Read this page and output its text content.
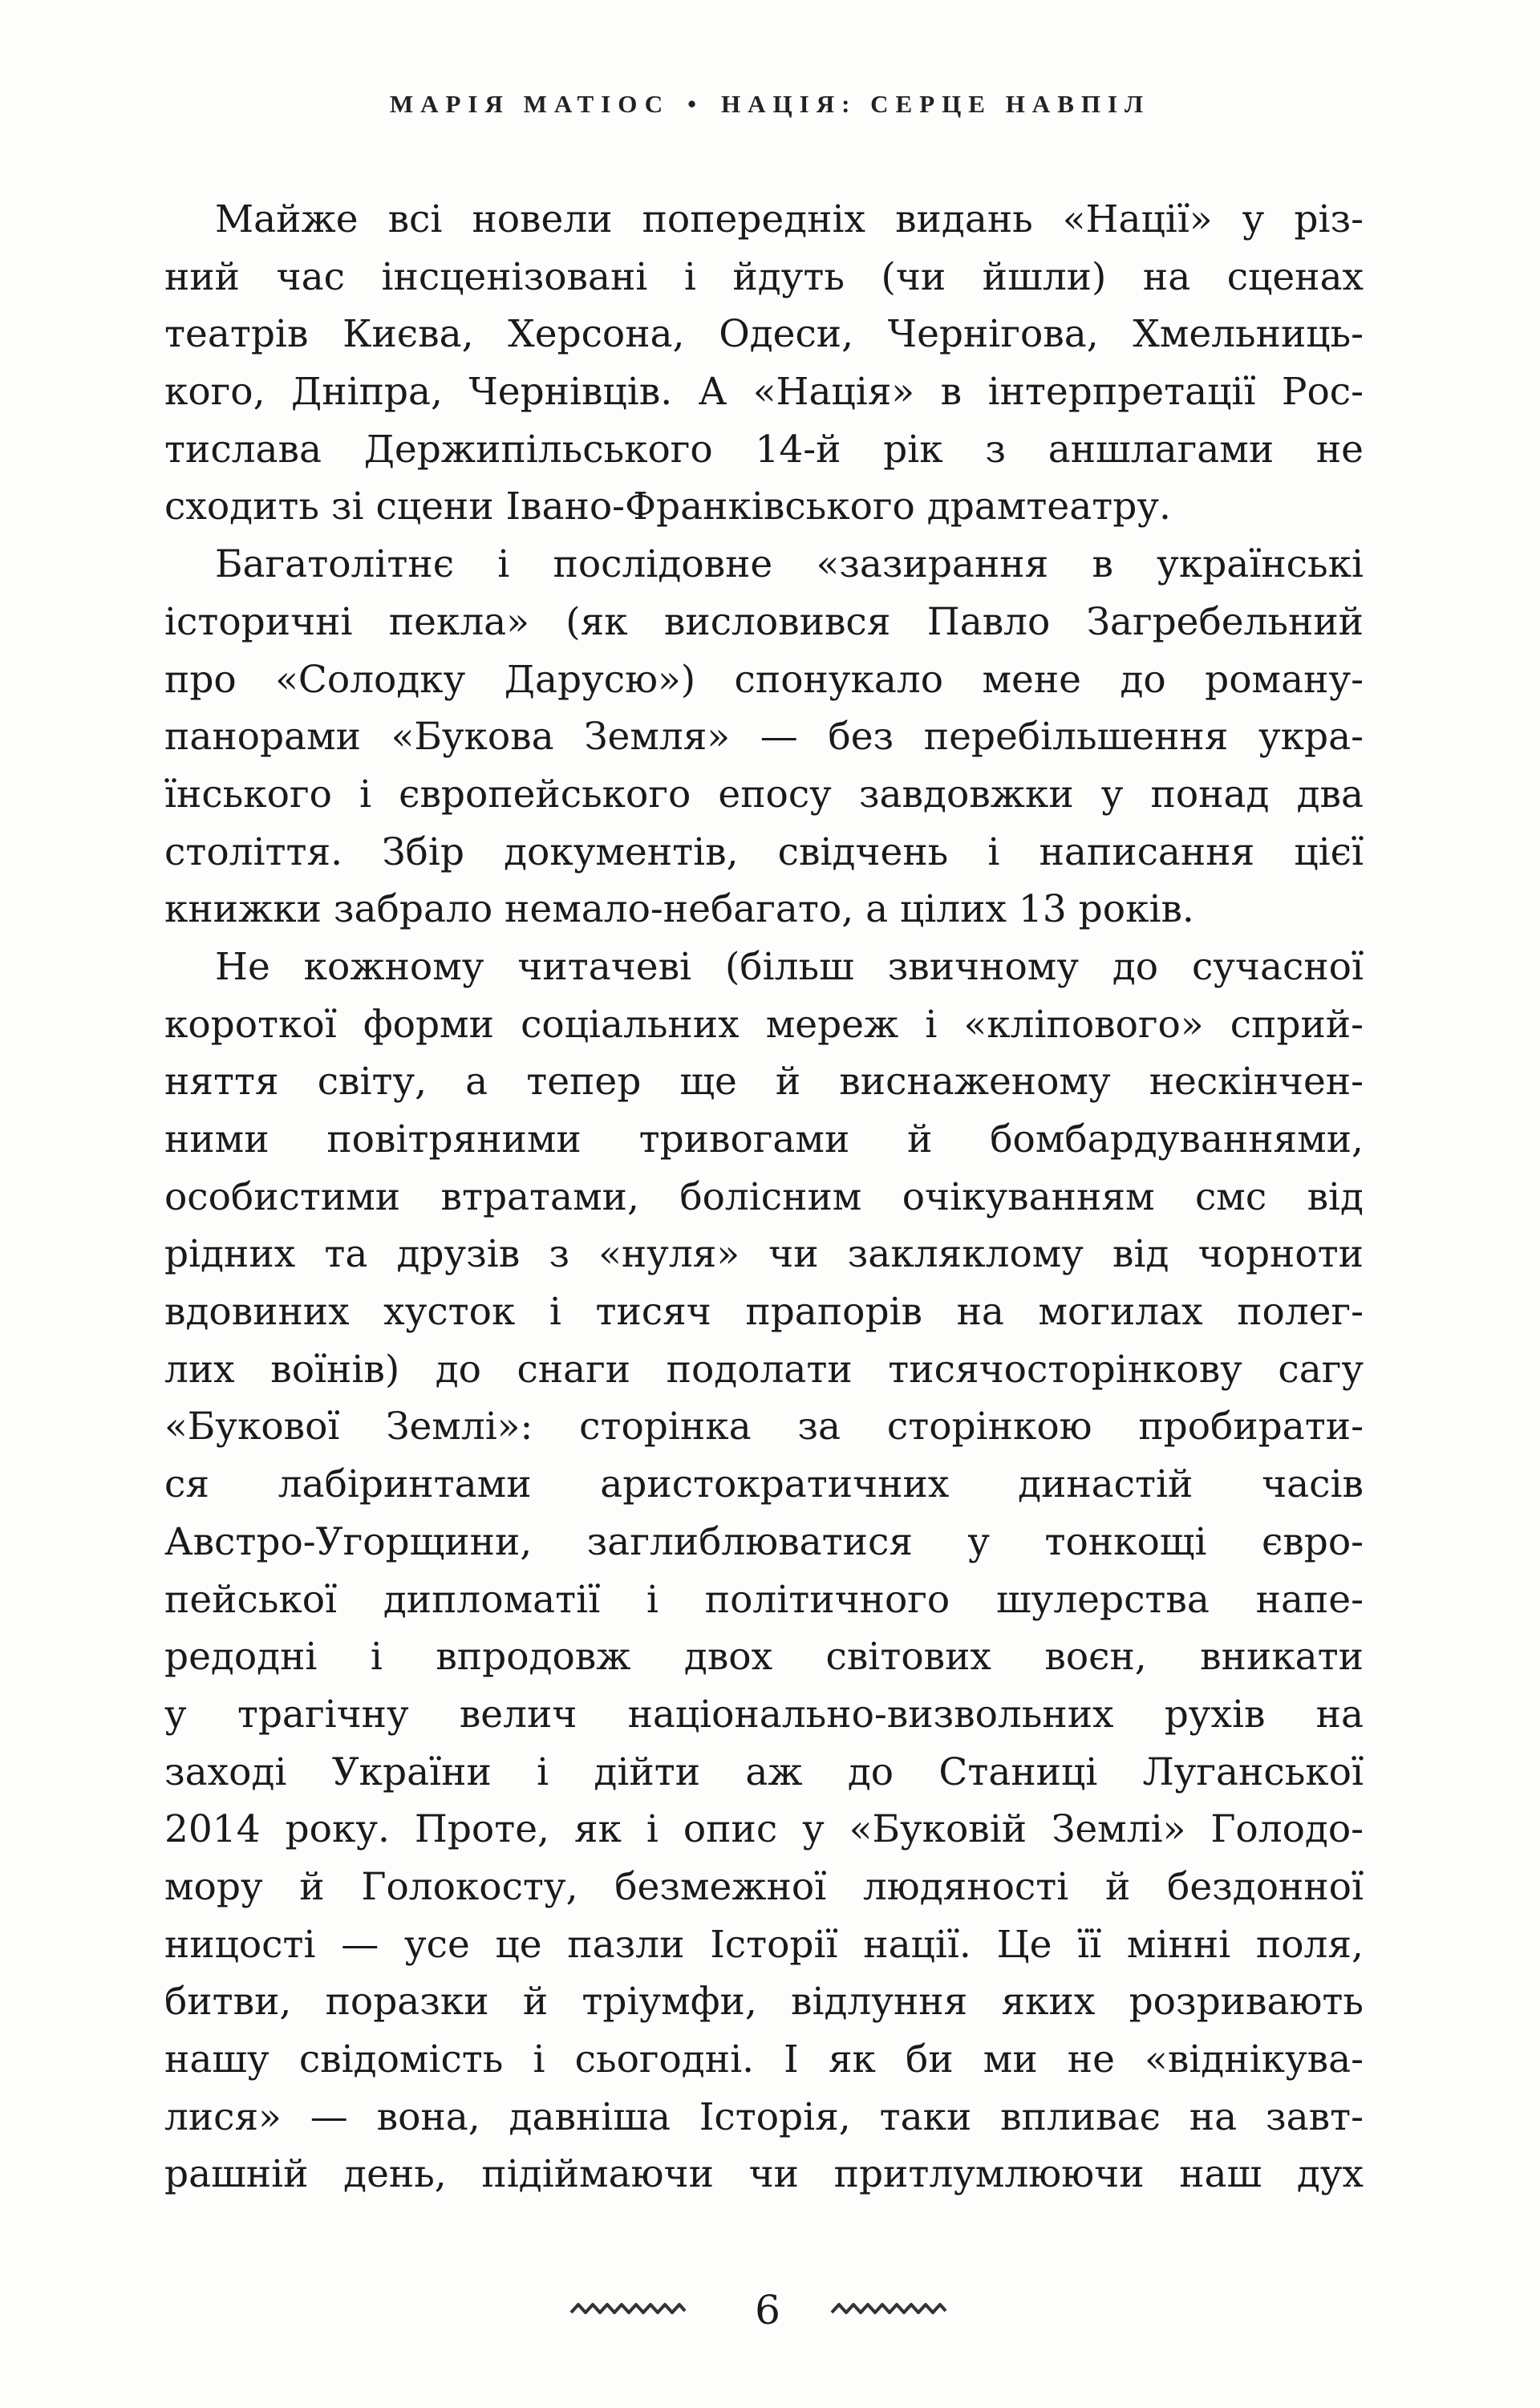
МАРІЯ МАТІОС • НАЦІЯ: СЕРЦЕ НАВПІЛ
Майже всі новели попередніх видань «Нації» у різ-
ний час інсценізовані і йдуть (чи йшли) на сценах
театрів Києва, Херсона, Одеси, Чернігова, Хмельниць-
кого, Дніпра, Чернівців. А «Нація» в інтерпретації Рос-
тислава Держипільського 14-й рік з аншлагами не
сходить зі сцени Івано-Франківського драмтеатру.
Багатолітнє і послідовне «зазирання в українські
історичні пекла» (як висловився Павло Загребельний
про «Солодку Дарусю») спонукало мене до роману-
панорами «Букова Земля» — без перебільшення укра-
їнського і європейського епосу завдовжки у понад два
століття. Збір документів, свідчень і написання цієї
книжки забрало немало-небагато, а цілих 13 років.
Не кожному читачеві (більш звичному до сучасної
короткої форми соціальних мереж і «кліпового» сприй-
няття світу, а тепер ще й виснаженому нескінчен-
ними повітряними тривогами й бомбардуваннями,
особистими втратами, болісним очікуванням смс від
рідних та друзів з «нуля» чи закляклому від чорноти
вдовиних хусток і тисяч прапорів на могилах полег-
лих воїнів) до снаги подолати тисячосторінкову сагу
«Букової Землі»: сторінка за сторінкою пробирати-
ся лабіринтами аристократичних династій часів
Австро-Угорщини, заглиблюватися у тонкощі євро-
пейської дипломатії і політичного шулерства напе-
редодні і впродовж двох світових воєн, вникати
у трагічну велич національно-визвольних рухів на
заході України і дійти аж до Станиці Луганської
2014 року. Проте, як і опис у «Буковій Землі» Голодо-
мору й Голокосту, безмежної людяності й бездонної
ницості — усе це пазли Історії нації. Це її мінні поля,
битви, поразки й тріумфи, відлуння яких розривають
нашу свідомість і сьогодні. І як би ми не «віднікува-
лися» — вона, давніша Історія, таки впливає на завт-
рашній день, підіймаючи чи притлумлюючи наш дух
6
